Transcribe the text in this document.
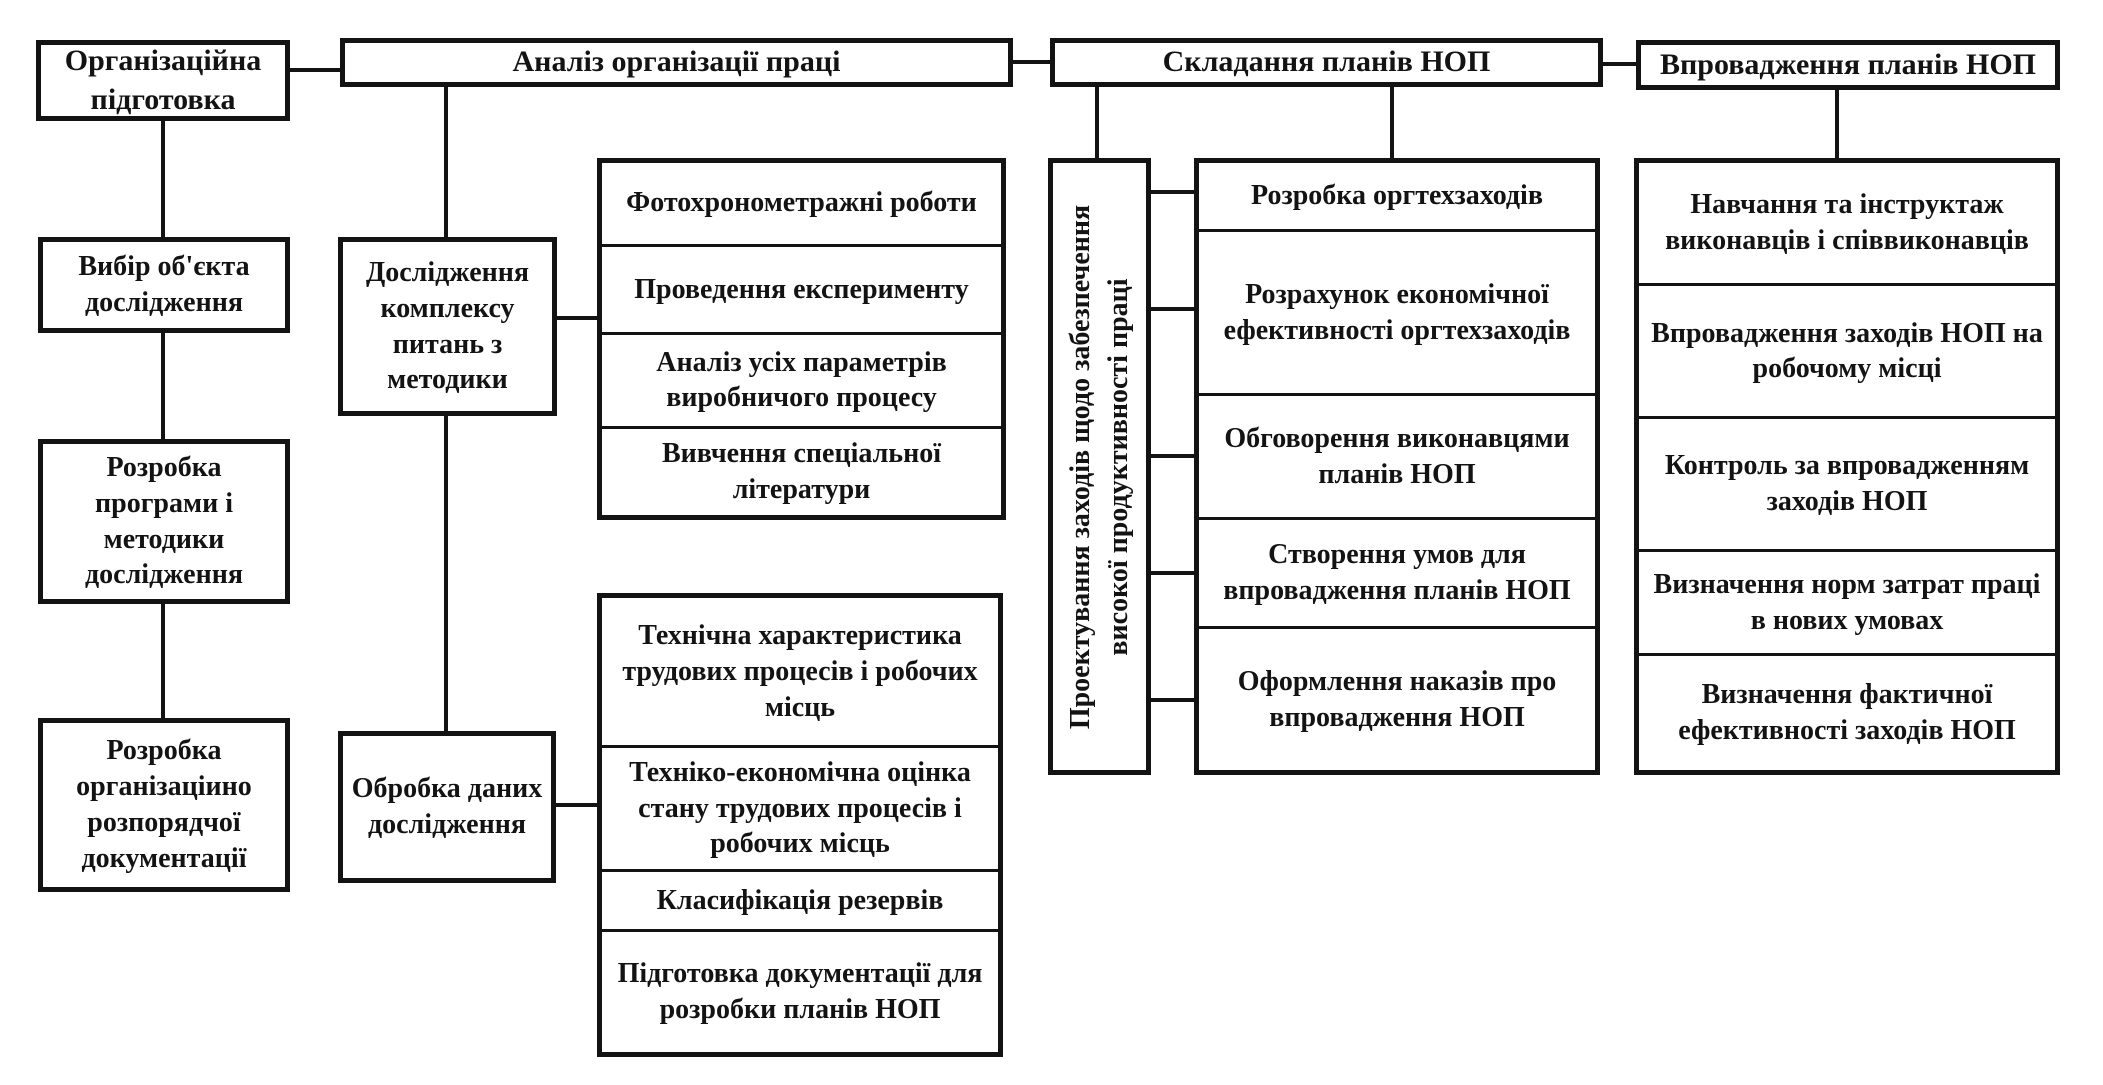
Організаційна підготовка
Аналіз організації праці	Складання планів НОП	Впровадження планів НОП
Вибір об'єкта дослідження
Розробка програми і методики дослідження
Розробка організаціино розпорядчої документації
Дослідження комплексу питань з методики
Обробка даних дослідження
Фотохронометражні роботи
Проведення експерименту
Аналіз усіх параметрів виробничого процесу
Вивчення спеціальної літератури
Технічна характеристика трудових процесів і робочих місць
Техніко-економічна оцінка стану трудових процесів і робочих місць
Класифікація резервів
Підготовка документації для розробки планів НОП
Проектування заходів щодо забезпечення високої продуктивності праці
Розробка оргтехзаходів
Розрахунок економічної ефективності оргтехзаходів
Обговорення виконавцями планів НОП
Створення умов для впровадження планів НОП
Оформлення наказів про впровадження НОП
Навчання та інструктаж виконавців і співвиконавців
Впровадження заходів НОП на робочому місці
Контроль за впровадженням заходів НОП
Визначення норм затрат праці в нових умовах
Визначення фактичної ефективності заходів НОП
